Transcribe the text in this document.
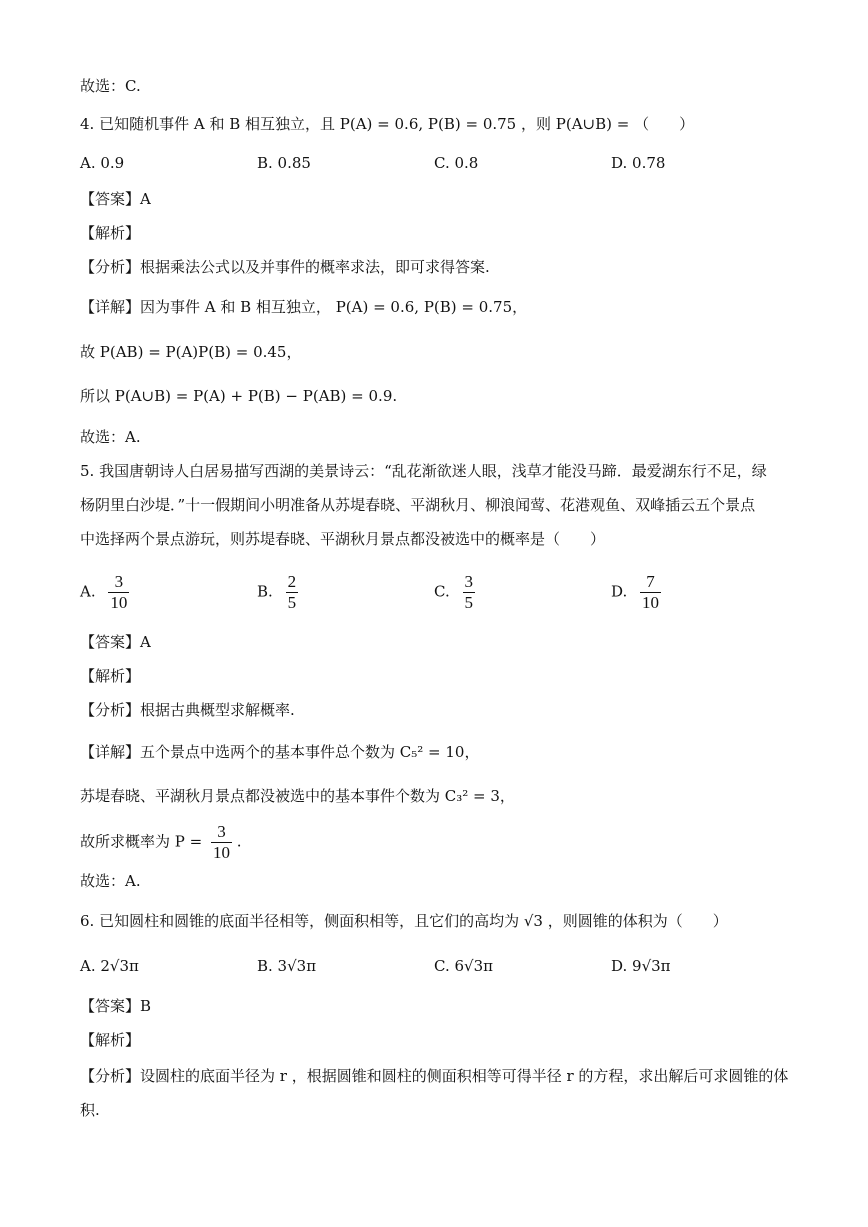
故选：C.
4. 已知随机事件 A 和 B 相互独立，且 P(A) = 0.6, P(B) = 0.75 ，则 P(A∪B) = （　　）
A. 0.9	B. 0.85	C. 0.8	D. 0.78
【答案】A
【解析】
【分析】根据乘法公式以及并事件的概率求法，即可求得答案.
【详解】因为事件 A 和 B 相互独立， P(A) = 0.6, P(B) = 0.75，
故 P(AB) = P(A)P(B) = 0.45，
所以 P(A∪B) = P(A) + P(B) − P(AB) = 0.9.
故选：A.
5. 我国唐朝诗人白居易描写西湖的美景诗云：“乱花渐欲迷人眼，浅草才能没马蹄．最爱湖东行不足，绿
杨阴里白沙堤．”十一假期间小明准备从苏堤春晓、平湖秋月、柳浪闻莺、花港观鱼、双峰插云五个景点
中选择两个景点游玩，则苏堤春晓、平湖秋月景点都没被选中的概率是（　　）
A. $\frac{3}{10}$	B. $\frac{2}{5}$	C. $\frac{3}{5}$	D. $\frac{7}{10}$
【答案】A
【解析】
【分析】根据古典概型求解概率.
【详解】五个景点中选两个的基本事件总个数为 C₅² = 10，
苏堤春晓、平湖秋月景点都没被选中的基本事件个数为 C₃² = 3，
故所求概率为 $P = \frac{3}{10}$ .
故选：A.
6. 已知圆柱和圆锥的底面半径相等，侧面积相等，且它们的高均为 √3 ，则圆锥的体积为（　　）
A. 2√3π	B. 3√3π	C. 6√3π	D. 9√3π
【答案】B
【解析】
【分析】设圆柱的底面半径为 r ，根据圆锥和圆柱的侧面积相等可得半径 r 的方程，求出解后可求圆锥的体
积.
